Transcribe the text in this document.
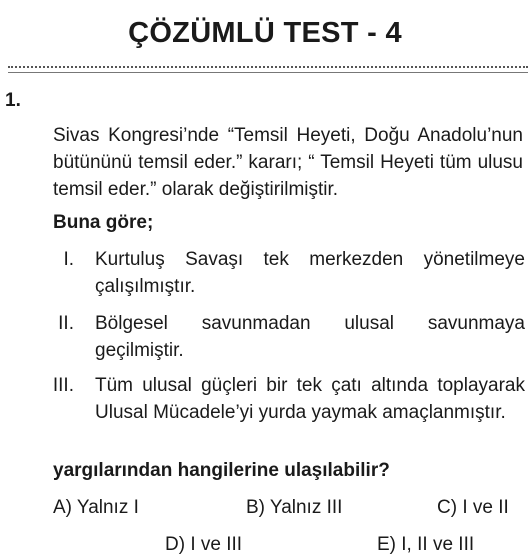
ÇÖZÜMLÜ TEST - 4
1.
Sivas Kongresi’nde “Temsil Heyeti, Doğu Anadolu’nun bütününü temsil eder.” kararı; “ Temsil Heyeti tüm ulusu temsil eder.” olarak değiştirilmiştir.
Buna göre;
I. Kurtuluş Savaşı tek merkezden yönetilmeye çalışılmıştır.
II. Bölgesel savunmadan ulusal savunmaya geçilmiştir.
III. Tüm ulusal güçleri bir tek çatı altında toplayarak Ulusal Mücadele’yi yurda yaymak amaçlanmıştır.
yargılarından hangilerine ulaşılabilir?
A) Yalnız I	B) Yalnız III	C) I ve II
D) I ve III	E) I, II ve III
